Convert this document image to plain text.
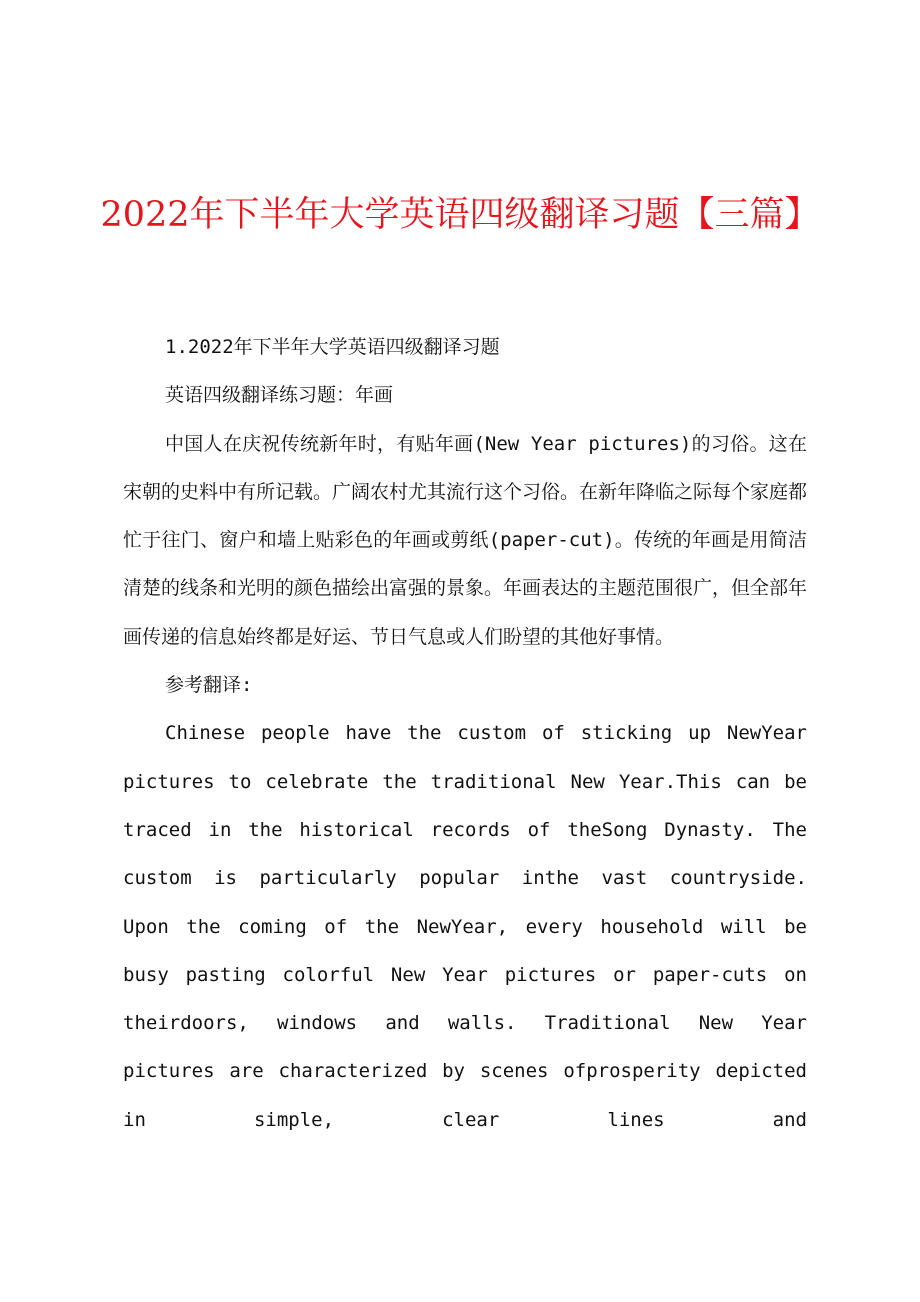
2022年下半年大学英语四级翻译习题【三篇】

1.2022年下半年大学英语四级翻译习题

英语四级翻译练习题：年画

中国人在庆祝传统新年时，有贴年画(New Year pictures)的习俗。这在宋朝的史料中有所记载。广阔农村尤其流行这个习俗。在新年降临之际每个家庭都忙于往门、窗户和墙上贴彩色的年画或剪纸(paper-cut)。传统的年画是用简洁清楚的线条和光明的颜色描绘出富强的景象。年画表达的主题范围很广，但全部年画传递的信息始终都是好运、节日气息或人们盼望的其他好事情。

参考翻译:

Chinese people have the custom of sticking up NewYear pictures to celebrate the traditional New Year.This can be traced in the historical records of theSong Dynasty. The custom is particularly popular inthe vast countryside. Upon the coming of the NewYear, every household will be busy pasting colorful New Year pictures or paper-cuts on theirdoors, windows and walls. Traditional New Year pictures are characterized by scenes ofprosperity depicted in simple, clear lines and
